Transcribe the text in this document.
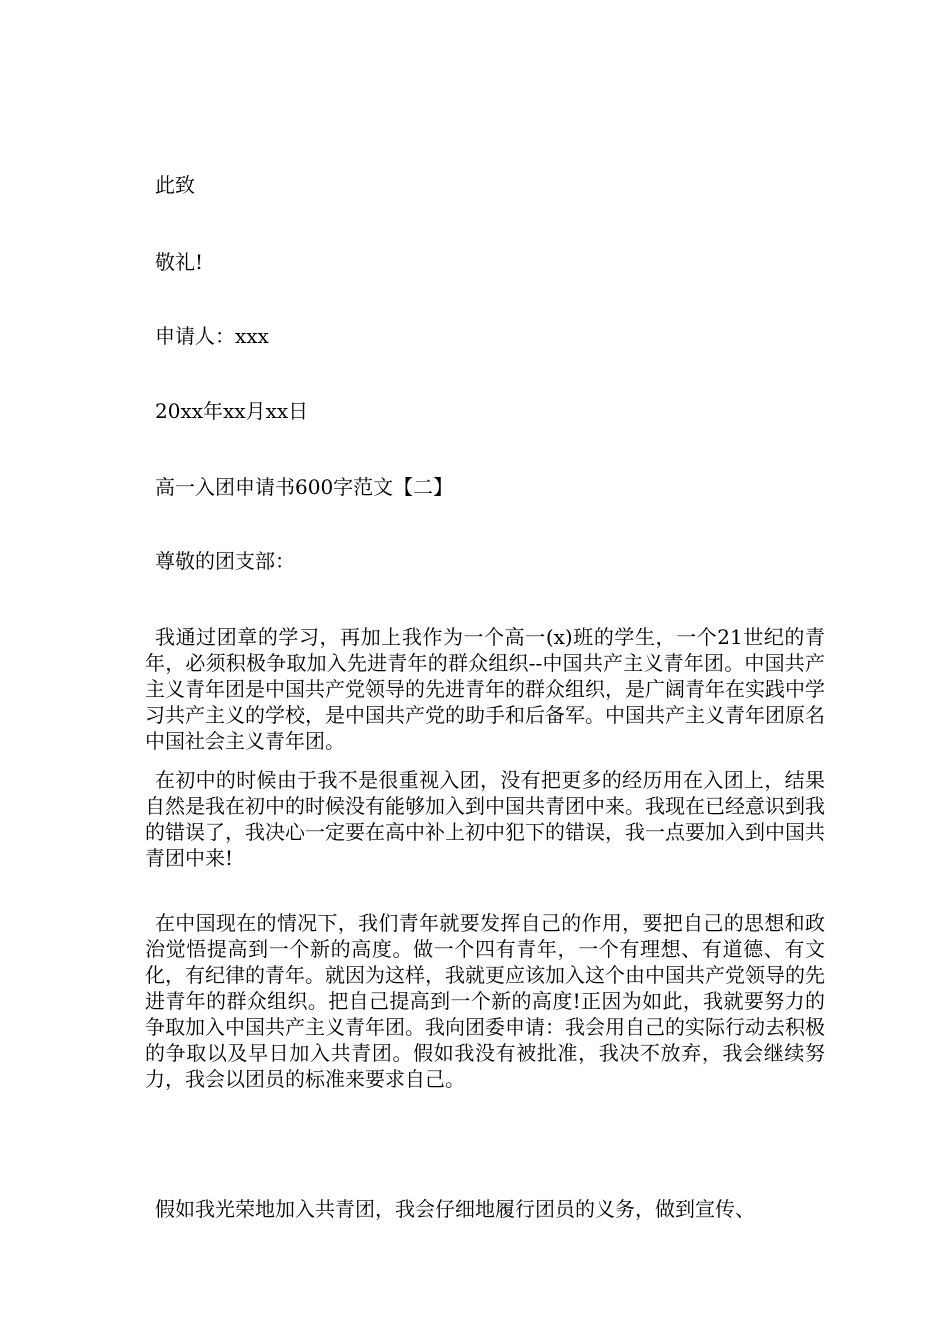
此致
敬礼!
申请人：xxx
20xx年xx月xx日
高一入团申请书600字范文【二】
尊敬的团支部：
我通过团章的学习，再加上我作为一个高一(x)班的学生，一个21世纪的青年，必须积极争取加入先进青年的群众组织--中国共产主义青年团。中国共产主义青年团是中国共产党领导的先进青年的群众组织，是广阔青年在实践中学习共产主义的学校，是中国共产党的助手和后备军。中国共产主义青年团原名中国社会主义青年团。
在初中的时候由于我不是很重视入团，没有把更多的经历用在入团上，结果自然是我在初中的时候没有能够加入到中国共青团中来。我现在已经意识到我的错误了，我决心一定要在高中补上初中犯下的错误，我一点要加入到中国共青团中来!
在中国现在的情况下，我们青年就要发挥自己的作用，要把自己的思想和政治觉悟提高到一个新的高度。做一个四有青年，一个有理想、有道德、有文化，有纪律的青年。就因为这样，我就更应该加入这个由中国共产党领导的先进青年的群众组织。把自己提高到一个新的高度!正因为如此，我就要努力的争取加入中国共产主义青年团。我向团委申请：我会用自己的实际行动去积极的争取以及早日加入共青团。假如我没有被批准，我决不放弃，我会继续努力，我会以团员的标准来要求自己。
假如我光荣地加入共青团，我会仔细地履行团员的义务，做到宣传、
